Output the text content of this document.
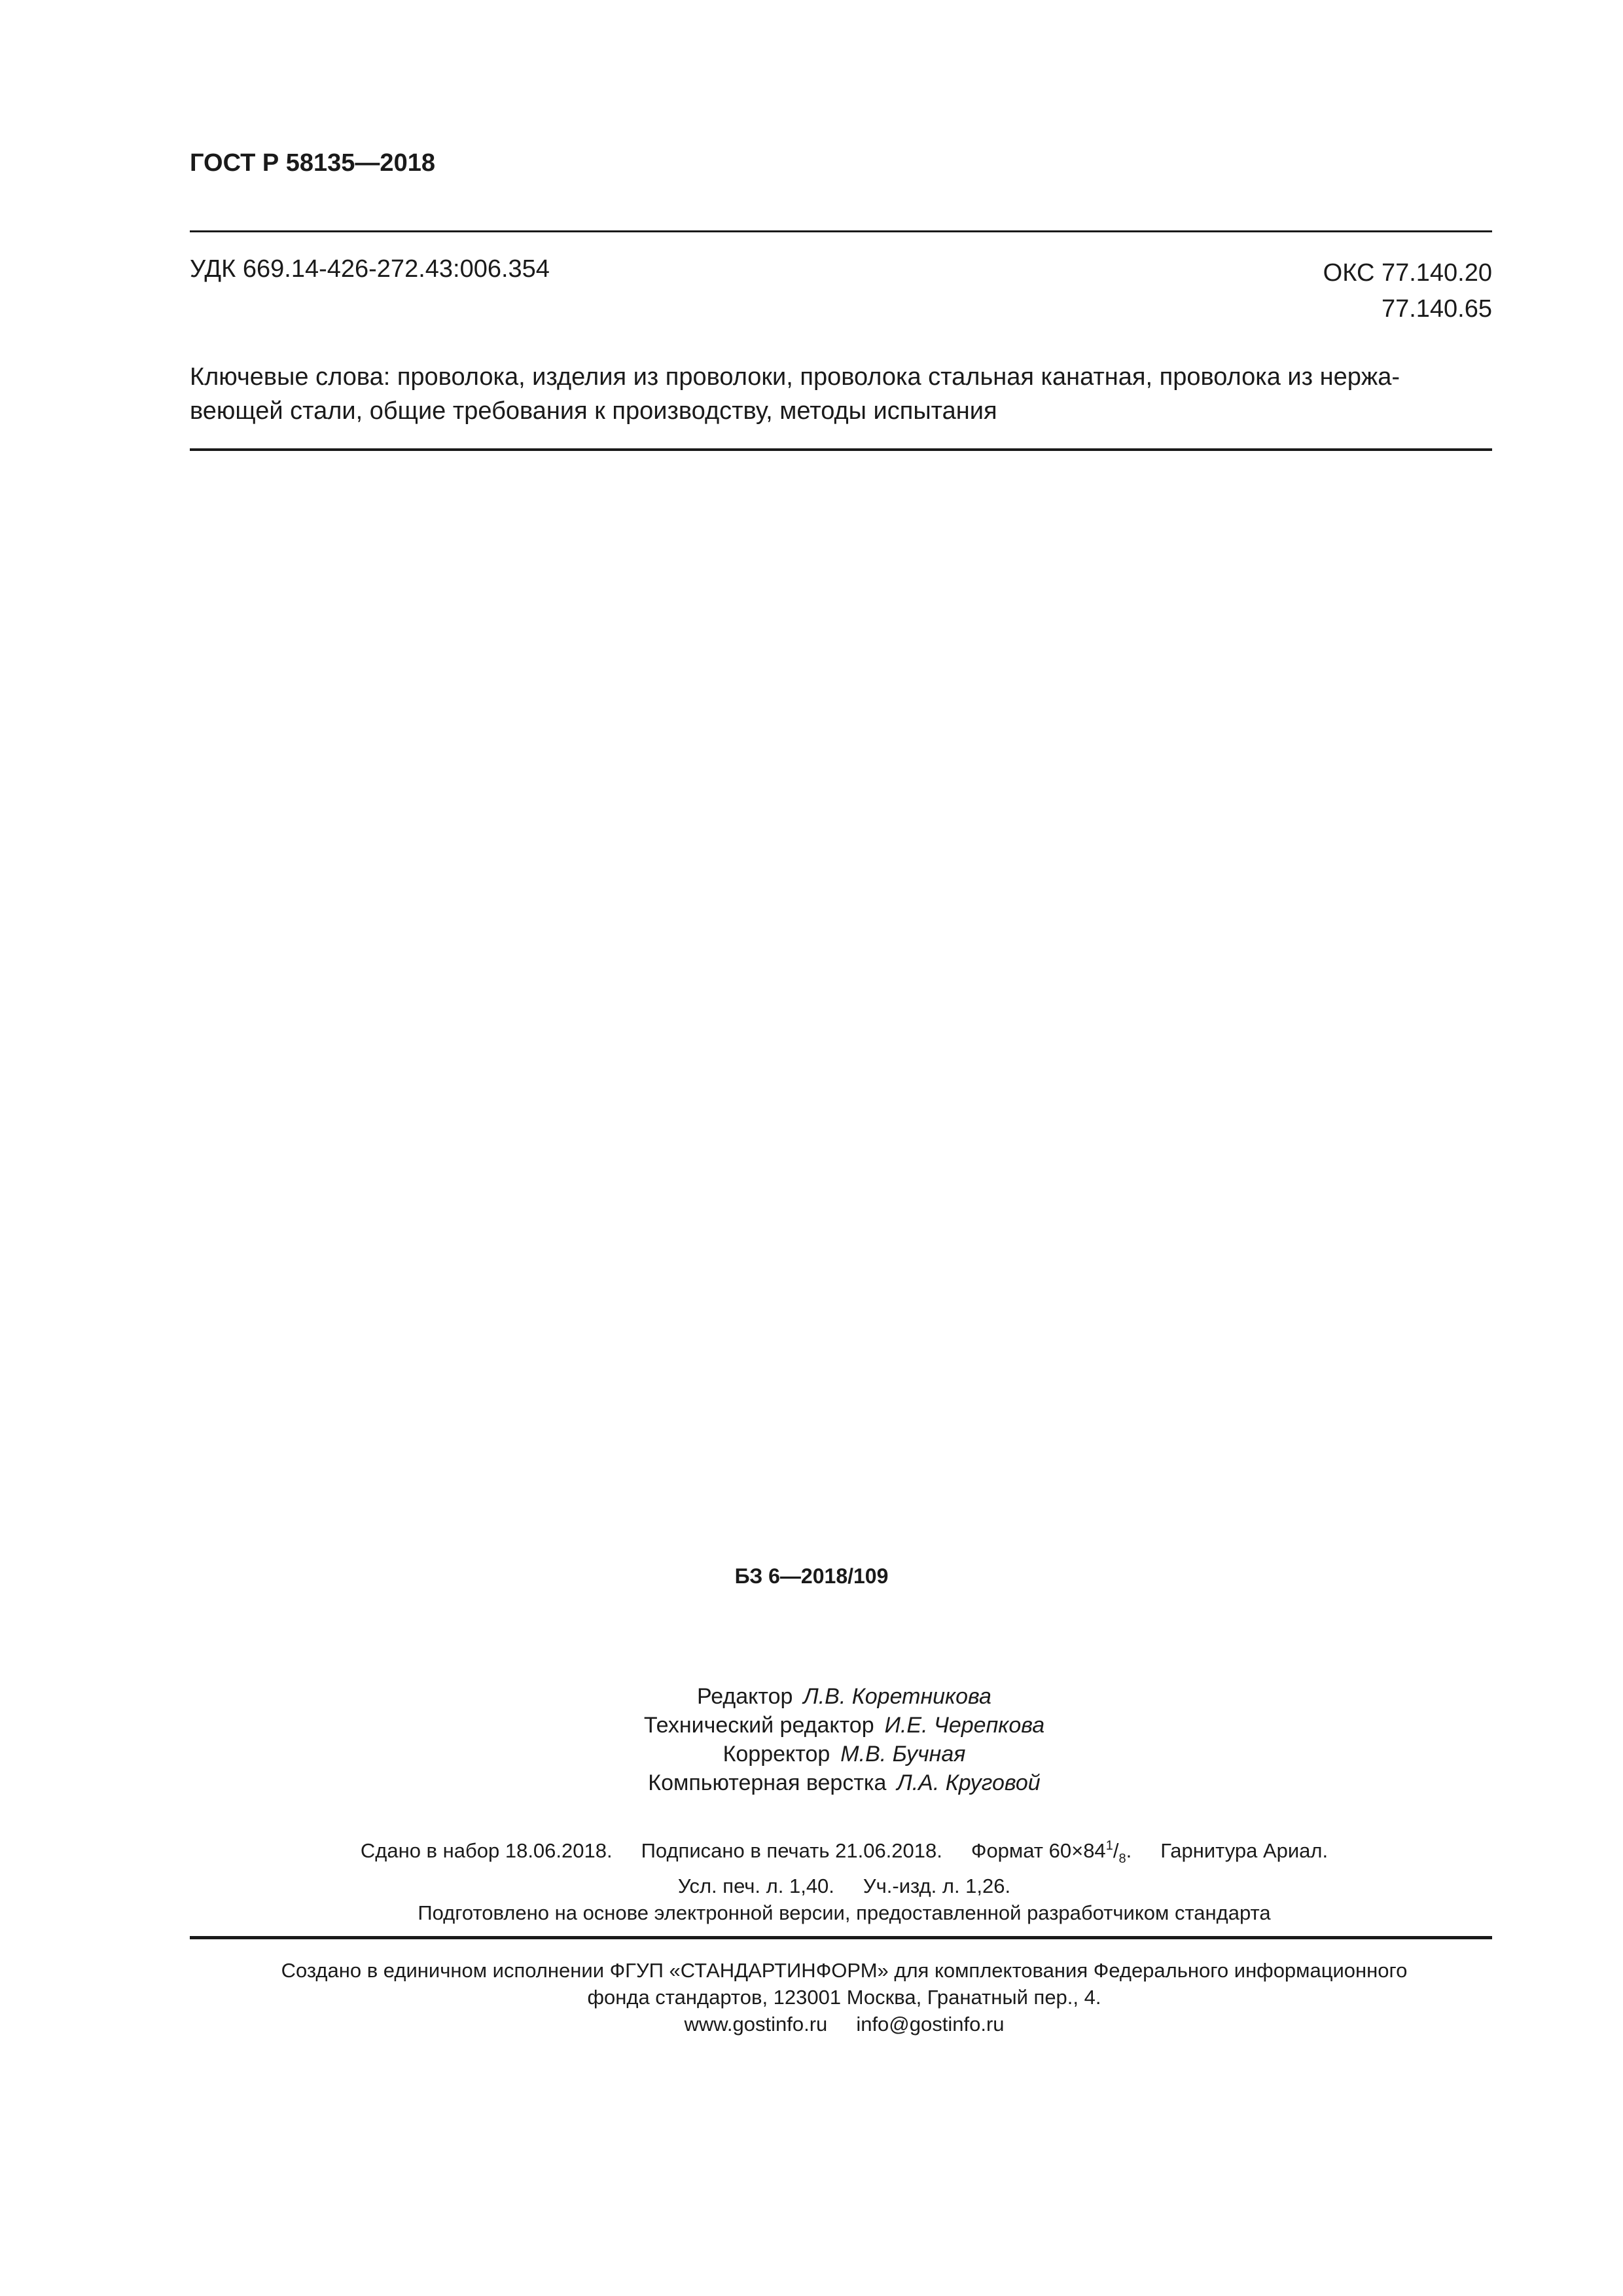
ГОСТ Р 58135—2018
УДК 669.14-426-272.43:006.354	ОКС 77.140.20
77.140.65
Ключевые слова: проволока, изделия из проволоки, проволока стальная канатная, проволока из нержа-
веющей стали, общие требования к производству, методы испытания
БЗ 6—2018/109
Редактор Л.В. Коретникова
Технический редактор И.Е. Черепкова
Корректор М.В. Бучная
Компьютерная верстка Л.А. Круговой
Сдано в набор 18.06.2018. Подписано в печать 21.06.2018. Формат $60\times 84^1/_8$. Гарнитура Ариал.
Усл. печ. л. 1,40. Уч.-изд. л. 1,26.
Подготовлено на основе электронной версии, предоставленной разработчиком стандарта
Создано в единичном исполнении ФГУП «СТАНДАРТИНФОРМ» для комплектования Федерального информационного
фонда стандартов, 123001 Москва, Гранатный пер., 4.
www.gostinfo.ru info@gostinfo.ru
